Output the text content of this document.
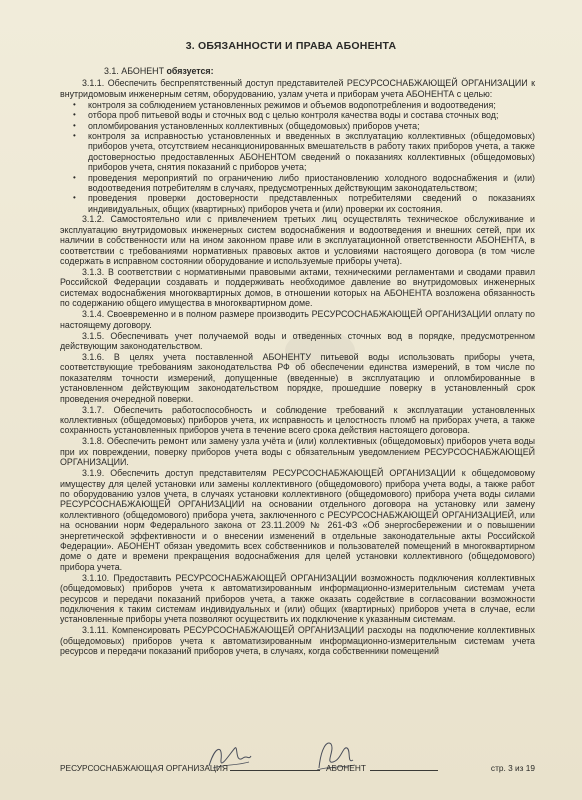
3. ОБЯЗАННОСТИ И ПРАВА АБОНЕНТА

3.1. АБОНЕНТ обязуется:

3.1.1. Обеспечить беспрепятственный доступ представителей РЕСУРСОСНАБЖАЮЩЕЙ ОРГАНИЗАЦИИ к внутридомовым инженерным сетям, оборудованию, узлам учета и приборам учета АБОНЕНТА с целью:

• контроля за соблюдением установленных режимов и объемов водопотребления и водоотведения;
• отбора проб питьевой воды и сточных вод с целью контроля качества воды и состава сточных вод;
• опломбирования установленных коллективных (общедомовых) приборов учета;
• контроля за исправностью установленных и введенных в эксплуатацию коллективных (общедомовых) приборов учета, отсутствием несанкционированных вмешательств в работу таких приборов учета, а также достоверностью предоставленных АБОНЕНТОМ сведений о показаниях коллективных (общедомовых) приборов учета, снятия показаний с приборов учета;
• проведения мероприятий по ограничению либо приостановлению холодного водоснабжения и (или) водоотведения потребителям в случаях, предусмотренных действующим законодательством;
• проведения проверки достоверности представленных потребителями сведений о показаниях индивидуальных, общих (квартирных) приборов учета и (или) проверки их состояния.

3.1.2. Самостоятельно или с привлечением третьих лиц осуществлять техническое обслуживание и эксплуатацию внутридомовых инженерных систем водоснабжения и водоотведения и внешних сетей, при их наличии в собственности или на ином законном праве или в эксплуатационной ответственности АБОНЕНТА, в соответствии с требованиями нормативных правовых актов и условиями настоящего договора (в том числе содержать в исправном состоянии оборудование и используемые приборы учета).

3.1.3. В соответствии с нормативными правовыми актами, техническими регламентами и сводами правил Российской Федерации создавать и поддерживать необходимое давление во внутридомовых инженерных системах водоснабжения многоквартирных домов, в отношении которых на АБОНЕНТА возложена обязанность по содержанию общего имущества в многоквартирном доме.

3.1.4. Своевременно и в полном размере производить РЕСУРСОСНАБЖАЮЩЕЙ ОРГАНИЗАЦИИ оплату по настоящему договору.

3.1.5. Обеспечивать учет получаемой воды и отведенных сточных вод в порядке, предусмотренном действующим законодательством.

3.1.6. В целях учета поставленной АБОНЕНТУ питьевой воды использовать приборы учета, соответствующие требованиям законодательства РФ об обеспечении единства измерений, в том числе по показателям точности измерений, допущенные (введенные) в эксплуатацию и опломбированные в установленном действующим законодательством порядке, прошедшие поверку в установленный срок проведения очередной поверки.

3.1.7. Обеспечить работоспособность и соблюдение требований к эксплуатации установленных коллективных (общедомовых) приборов учета, их исправность и целостность пломб на приборах учета, а также сохранность установленных приборов учета в течение всего срока действия настоящего договора.

3.1.8. Обеспечить ремонт или замену узла учёта и (или) коллективных (общедомовых) приборов учета воды при их повреждении, поверку приборов учета воды с обязательным уведомлением РЕСУРСОСНАБЖАЮЩЕЙ ОРГАНИЗАЦИИ.

3.1.9. Обеспечить доступ представителям РЕСУРСОСНАБЖАЮЩЕЙ ОРГАНИЗАЦИИ к общедомовому имуществу для целей установки или замены коллективного (общедомового) прибора учета воды, а также работ по оборудованию узлов учета, в случаях установки коллективного (общедомового) прибора учета воды силами РЕСУРСОСНАБЖАЮЩЕЙ ОРГАНИЗАЦИИ на основании отдельного договора на установку или замену коллективного (общедомового) прибора учета, заключенного с РЕСУРСОСНАБЖАЮЩЕЙ ОРГАНИЗАЦИЕЙ, или на основании норм Федерального закона от 23.11.2009 № 261-ФЗ «Об энергосбережении и о повышении энергетической эффективности и о внесении изменений в отдельные законодательные акты Российской Федерации». АБОНЕНТ обязан уведомить всех собственников и пользователей помещений в многоквартирном доме о дате и времени прекращения водоснабжения для целей установки коллективного (общедомового) прибора учета.

3.1.10. Предоставить РЕСУРСОСНАБЖАЮЩЕЙ ОРГАНИЗАЦИИ возможность подключения коллективных (общедомовых) приборов учета к автоматизированным информационно-измерительным системам учета ресурсов и передачи показаний приборов учета, а также оказать содействие в согласовании возможности подключения к таким системам индивидуальных и (или) общих (квартирных) приборов учета в случае, если установленные приборы учета позволяют осуществить их подключение к указанным системам.

3.1.11. Компенсировать РЕСУРСОСНАБЖАЮЩЕЙ ОРГАНИЗАЦИИ расходы на подключение коллективных (общедомовых) приборов учета к автоматизированным информационно-измерительным системам учета ресурсов и передачи показаний приборов учета, в случаях, когда собственники помещений

РЕСУРСОСНАБЖАЮЩАЯ ОРГАНИЗАЦИЯ	АБОНЕНТ	стр. 3 из 19
